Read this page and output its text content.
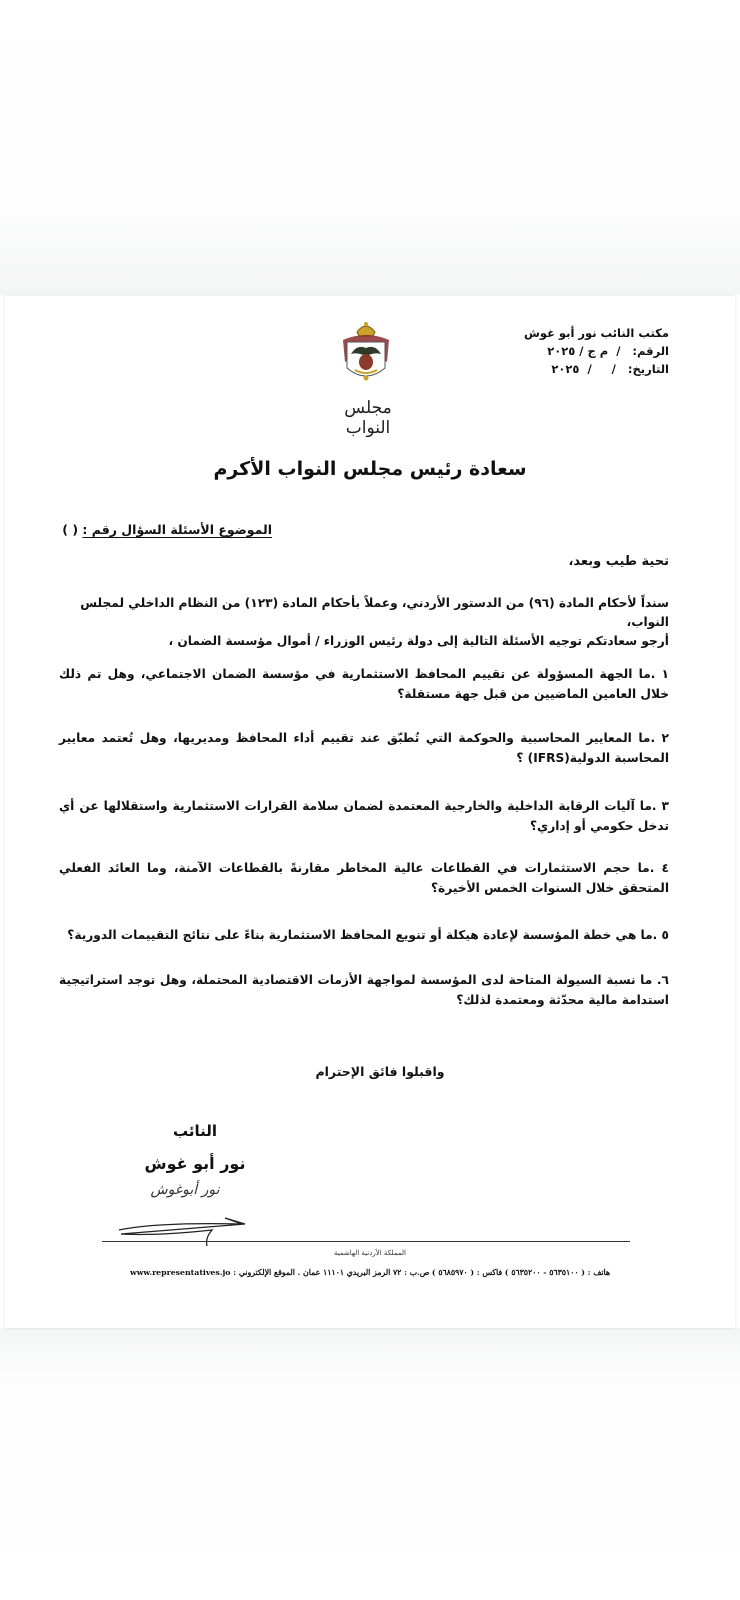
مكتب النائب نور أبو غوش
الرقم:   /  م ج / ٢٠٢٥
التاريخ:   /     /  ٢٠٢٥
مجلس النواب
سعادة رئيس مجلس النواب الأكرم
الموضوع الأسئلة السؤال رقم : ( )
تحية طيب وبعد،
سنداً لأحكام المادة (٩٦) من الدستور الأردني، وعملاً بأحكام المادة (١٢٣) من النظام الداخلي لمجلس النواب،
أرجو سعادتكم توجيه الأسئلة التالية إلى دولة رئيس الوزراء / أموال مؤسسة الضمان ،
١ .ما الجهة المسؤولة عن تقييم المحافظ الاستثمارية في مؤسسة الضمان الاجتماعي، وهل تم ذلك خلال العامين الماضيين من قبل جهة مستقلة؟
٢ .ما المعايير المحاسبية والحوكمة التي تُطبّق عند تقييم أداء المحافظ ومديريها، وهل تُعتمد معايير المحاسبة الدولية(IFRS) ؟
٣ .ما آليات الرقابة الداخلية والخارجية المعتمدة لضمان سلامة القرارات الاستثمارية واستقلالها عن أي تدخل حكومي أو إداري؟
٤ .ما حجم الاستثمارات في القطاعات عالية المخاطر مقارنةً بالقطاعات الآمنة، وما العائد الفعلي المتحقق خلال السنوات الخمس الأخيرة؟
٥ .ما هي خطة المؤسسة لإعادة هيكلة أو تنويع المحافظ الاستثمارية بناءً على نتائج التقييمات الدورية؟
٦. ما نسبة السيولة المتاحة لدى المؤسسة لمواجهة الأزمات الاقتصادية المحتملة، وهل توجد استراتيجية استدامة مالية محدّثة ومعتمدة لذلك؟
واقبلوا فائق الإحترام
النائب
نور أبو غوش
نور أبوغوش
المملكة الأردنية الهاشمية
هاتف : ( ٥٦٣٥١٠٠ - ٥٦٣٥٢٠٠ ) فاكس : ( ٥٦٨٥٩٧٠ ) ص.ب : ٧٢ الرمز البريدي ١١١٠١ عمان . الموقع الإلكتروني : www.representatives.jo
